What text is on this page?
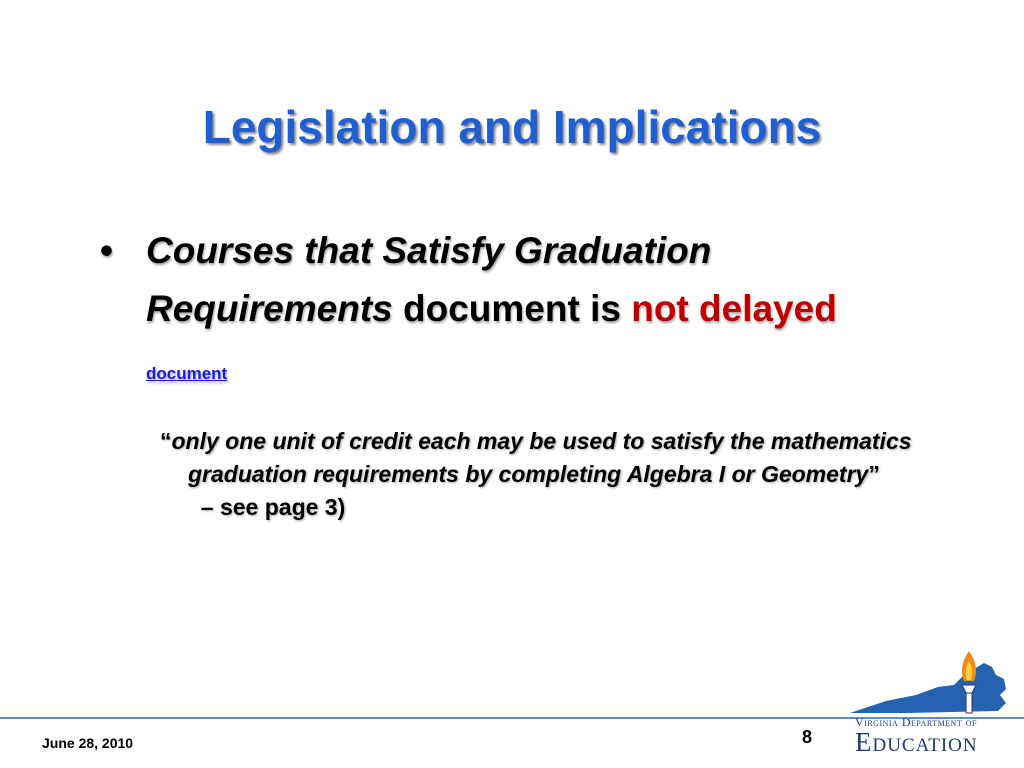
Legislation and Implications
• Courses that Satisfy Graduation Requirements document is not delayed document
“only one unit of credit each may be used to satisfy the mathematics graduation requirements by completing Algebra I or Geometry”  – see page 3)
June 28, 2010	8
Virginia Department of
Education
